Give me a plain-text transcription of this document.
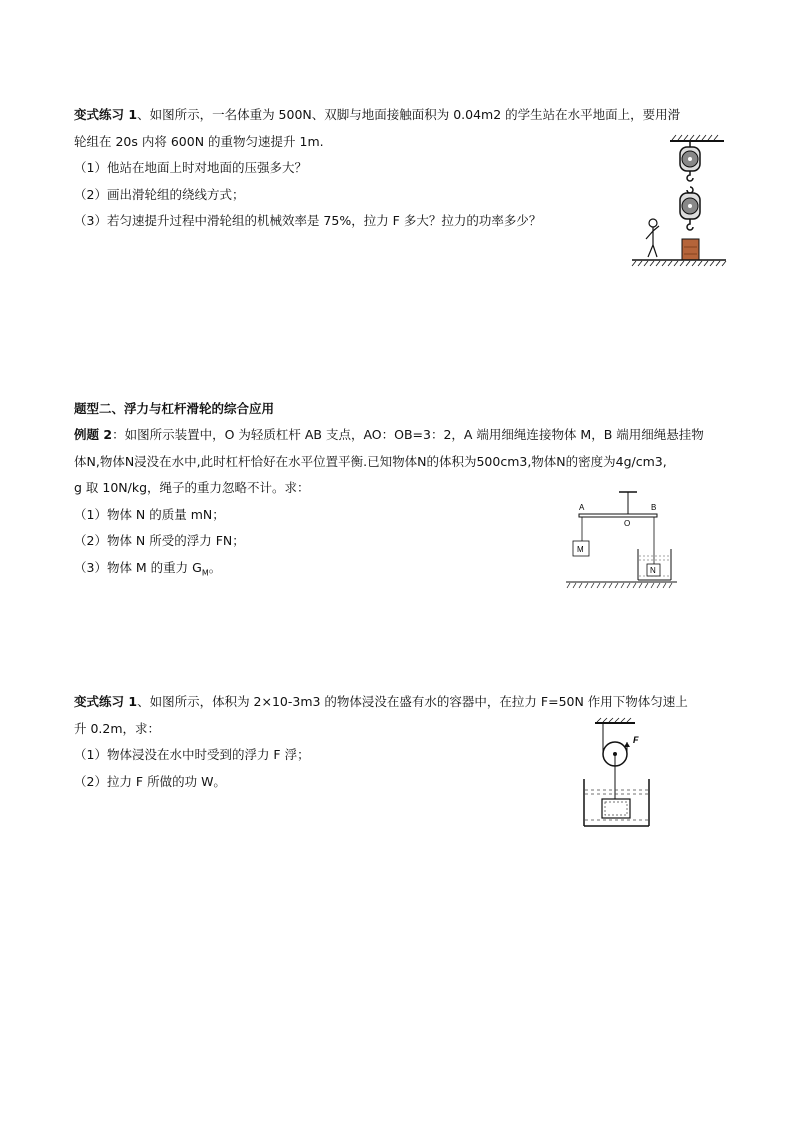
变式练习 1、如图所示，一名体重为 500N、双脚与地面接触面积为 0.04m2 的学生站在水平地面上，要用滑
轮组在 20s 内将 600N 的重物匀速提升 1m.
（1）他站在地面上时对地面的压强多大？
（2）画出滑轮组的绕线方式；
（3）若匀速提升过程中滑轮组的机械效率是 75%，拉力 F 多大？拉力的功率多少？
题型二、浮力与杠杆滑轮的综合应用
例题 2：如图所示装置中，O 为轻质杠杆 AB 支点，AO：OB=3：2，A 端用细绳连接物体 M，B 端用细绳悬挂物
体N,物体N浸没在水中,此时杠杆恰好在水平位置平衡.已知物体N的体积为500cm3,物体N的密度为4g/cm3,
g 取 10N/kg，绳子的重力忽略不计。求：
（1）物体 N 的质量 mN；
（2）物体 N 所受的浮力 FN；
（3）物体 M 的重力 $G_M$。
A	B
O
M
N
变式练习 1、如图所示，体积为 2×10-3m3 的物体浸没在盛有水的容器中，在拉力 F=50N 作用下物体匀速上
升 0.2m，求：
（1）物体浸没在水中时受到的浮力 F 浮；
（2）拉力 F 所做的功 W。
F
